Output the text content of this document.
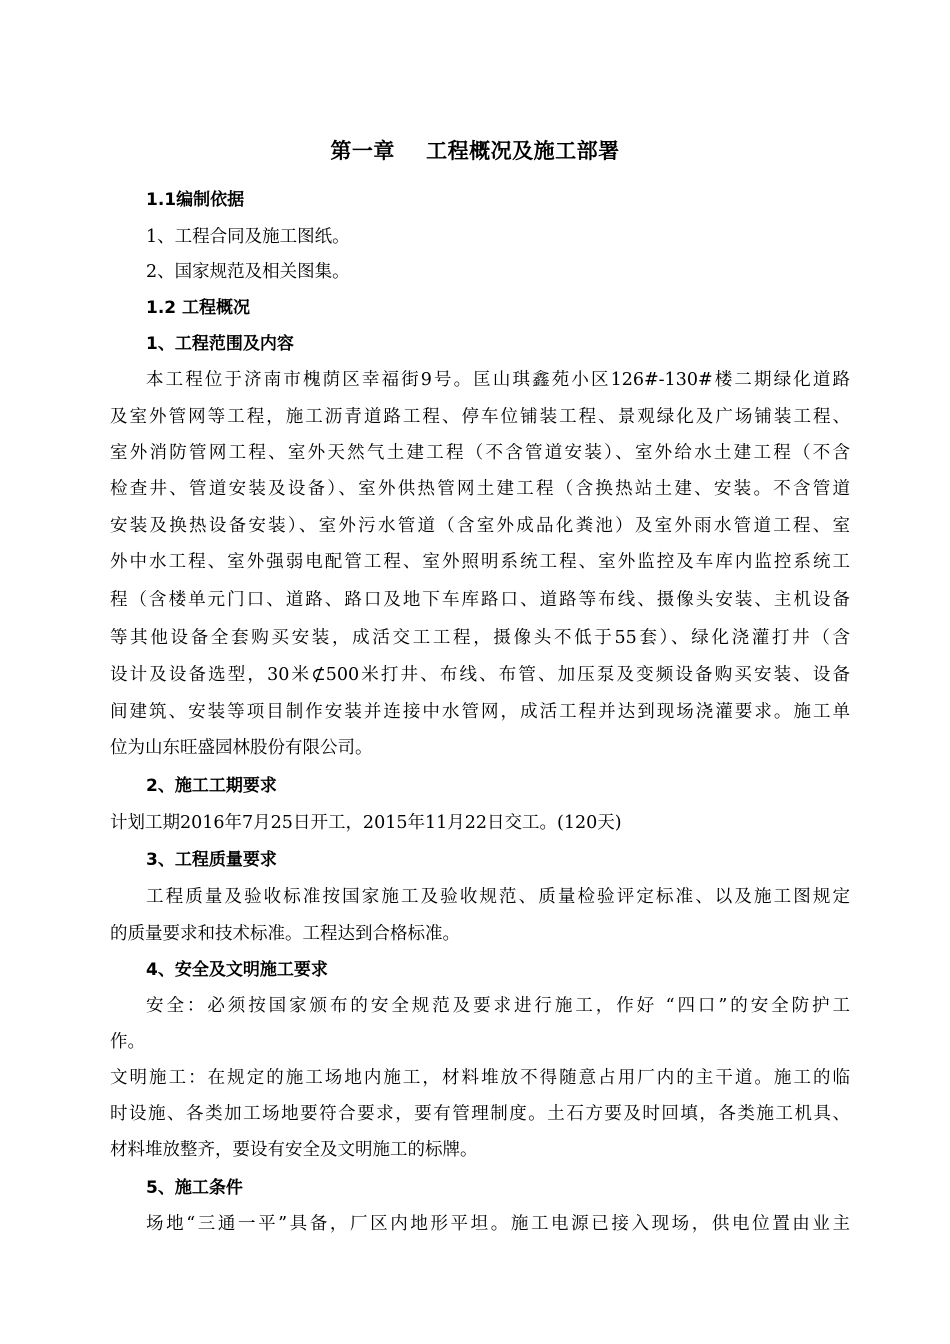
第一章    工程概况及施工部署
1.1编制依据
1、工程合同及施工图纸。
2、国家规范及相关图集。
1.2 工程概况
1、工程范围及内容
本工程位于济南市槐荫区幸福街9号。匡山琪鑫苑小区126#-130#楼二期绿化道路
及室外管网等工程，施工沥青道路工程、停车位铺装工程、景观绿化及广场铺装工程、
室外消防管网工程、室外天然气土建工程（不含管道安装）、室外给水土建工程（不含
检查井、管道安装及设备）、室外供热管网土建工程（含换热站土建、安装。不含管道
安装及换热设备安装）、室外污水管道（含室外成品化粪池）及室外雨水管道工程、室
外中水工程、室外强弱电配管工程、室外照明系统工程、室外监控及车库内监控系统工
程（含楼单元门口、道路、路口及地下车库路口、道路等布线、摄像头安装、主机设备
等其他设备全套购买安装，成活交工工程，摄像头不低于55套）、绿化浇灌打井（含
设计及设备选型，30米⊄500米打井、布线、布管、加压泵及变频设备购买安装、设备
间建筑、安装等项目制作安装并连接中水管网，成活工程并达到现场浇灌要求。施工单
位为山东旺盛园林股份有限公司。
2、施工工期要求
计划工期2016年7月25日开工，2015年11月22日交工。(120天)
3、工程质量要求
工程质量及验收标准按国家施工及验收规范、质量检验评定标准、以及施工图规定
的质量要求和技术标准。工程达到合格标准。
4、安全及文明施工要求
安全：必须按国家颁布的安全规范及要求进行施工，作好 “四口”的安全防护工
作。
文明施工：在规定的施工场地内施工，材料堆放不得随意占用厂内的主干道。施工的临
时设施、各类加工场地要符合要求，要有管理制度。土石方要及时回填，各类施工机具、
材料堆放整齐，要设有安全及文明施工的标牌。
5、施工条件
场地“三通一平”具备，厂区内地形平坦。施工电源已接入现场，供电位置由业主
